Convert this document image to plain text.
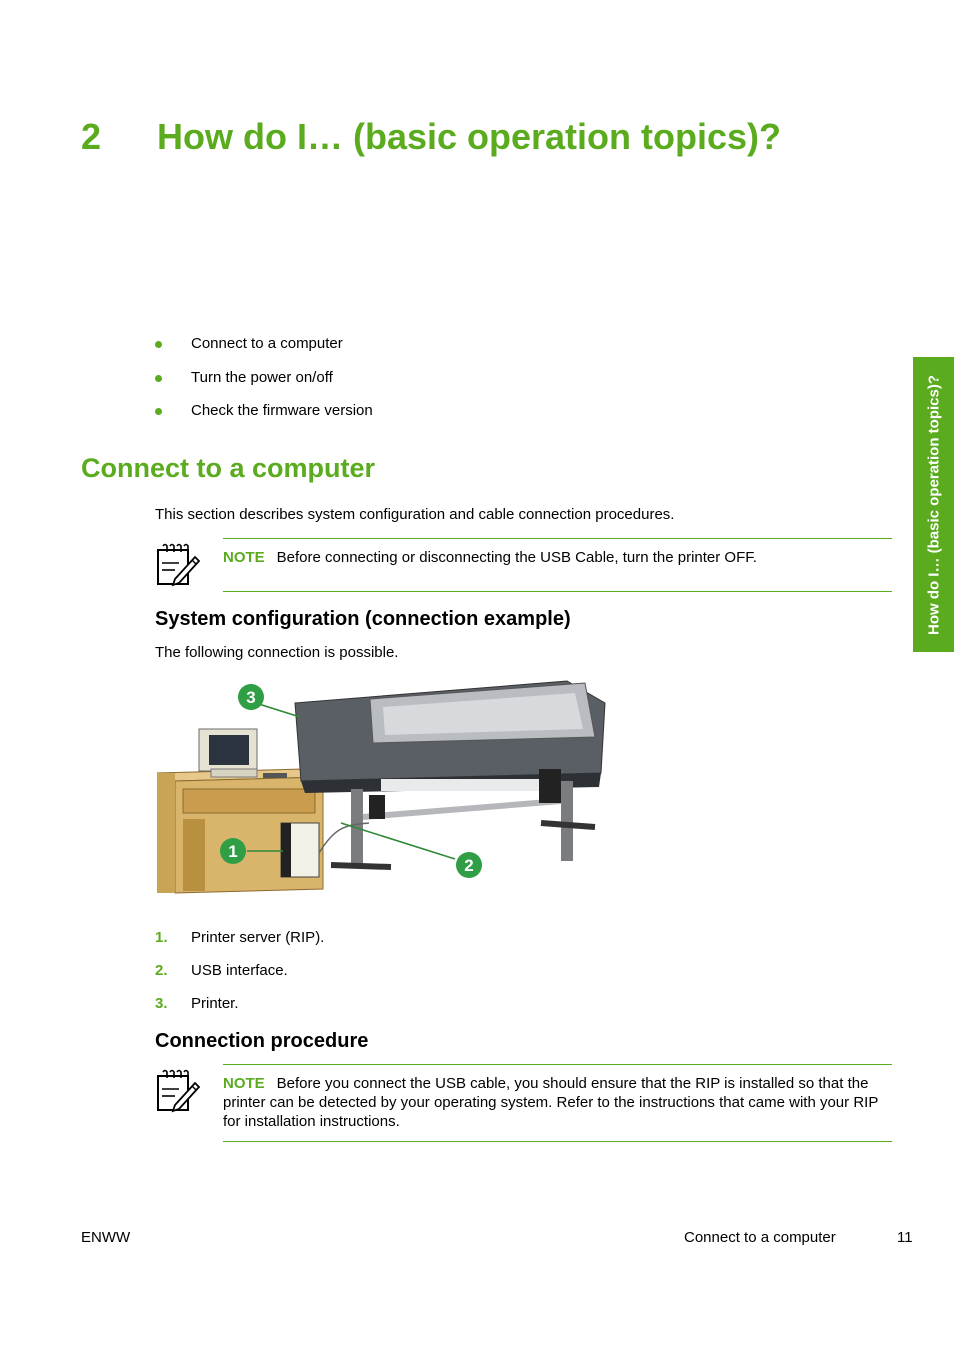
2 How do I… (basic operation topics)?
Connect to a computer
Turn the power on/off
Check the firmware version
Connect to a computer
This section describes system configuration and cable connection procedures.
NOTE Before connecting or disconnecting the USB Cable, turn the printer OFF.
System configuration (connection example)
The following connection is possible.
3
1
2
1. Printer server (RIP).
2. USB interface.
3. Printer.
Connection procedure
NOTE Before you connect the USB cable, you should ensure that the RIP is installed so that the printer can be detected by your operating system. Refer to the instructions that came with your RIP for installation instructions.
How do I… (basic operation topics)?
ENWW	Connect to a computer	11
